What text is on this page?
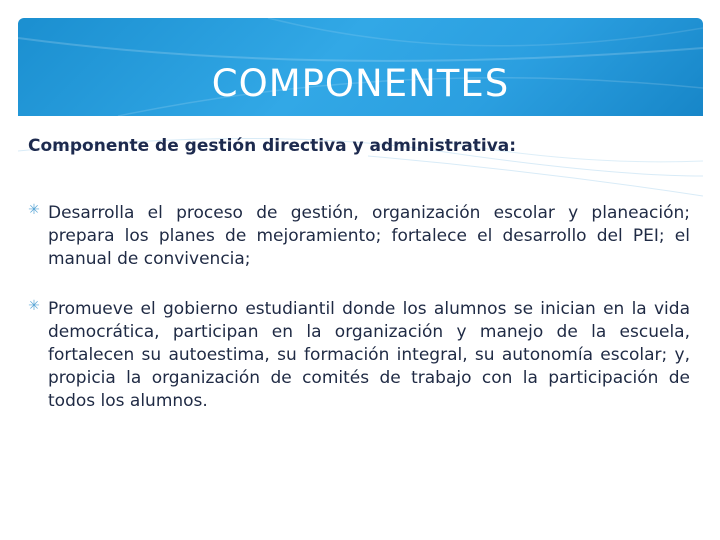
COMPONENTES
Componente de gestión directiva y administrativa:

✳ Desarrolla el proceso de gestión, organización escolar y planeación; prepara los planes de mejoramiento; fortalece el desarrollo del PEI; el manual de convivencia;

✳ Promueve el gobierno estudiantil donde los alumnos se inician en la vida democrática, participan en la organización y manejo de la escuela, fortalecen su autoestima, su formación integral, su autonomía escolar; y, propicia la organización de comités de trabajo con la participación de todos los alumnos.
